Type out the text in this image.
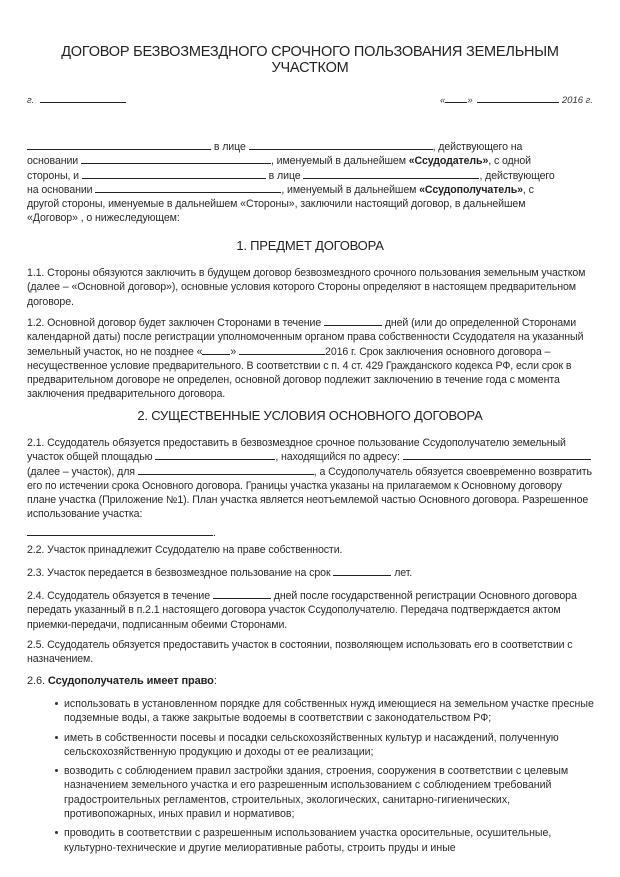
ДОГОВОР БЕЗВОЗМЕЗДНОГО СРОЧНОГО ПОЛЬЗОВАНИЯ ЗЕМЕЛЬНЫМ
УЧАСТКОМ
г.	« »	2016 г.
в лице	, действующего на
основании	, именуемый в дальнейшем «Ссудодатель», с одной
стороны, и	в лице	, действующего
на основании	, именуемый в дальнейшем «Ссудополучатель», с
другой стороны, именуемые в дальнейшем «Стороны», заключили настоящий договор, в дальнейшем
«Договор» , о нижеследующем:
1. ПРЕДМЕТ ДОГОВОРА
1.1. Стороны обязуются заключить в будущем договор безвозмездного срочного пользования земельным участком (далее – «Основной договор»), основные условия которого Стороны определяют в настоящем предварительном договоре.
1.2. Основной договор будет заключен Сторонами в течение	дней (или до определенной Сторонами календарной даты) после регистрации уполномоченным органом права собственности Ссудодателя на указанный земельный участок, но не позднее «	»	2016 г. Срок заключения основного договора – несущественное условие предварительного. В соответствии с п. 4 ст. 429 Гражданского кодекса РФ, если срок в предварительном договоре не определен, основной договор подлежит заключению в течение года с момента заключения предварительного договора.
2. СУЩЕСТВЕННЫЕ УСЛОВИЯ ОСНОВНОГО ДОГОВОРА
2.1. Ссудодатель обязуется предоставить в безвозмездное срочное пользование Ссудополучателю земельный участок общей площадью	, находящийся по адресу:  (далее – участок), для	, а Ссудополучатель обязуется своевременно возвратить его по истечении срока Основного договора. Границы участка указаны на прилагаемом к Основному договору плане участка (Приложение №1). План участка является неотъемлемой частью Основного договора. Разрешенное использование участка:
.
2.2. Участок принадлежит Ссудодателю на праве собственности.
2.3. Участок передается в безвозмездное пользование на срок	лет.
2.4. Ссудодатель обязуется в течение	дней после государственной регистрации Основного договора передать указанный в п.2.1 настоящего договора участок Ссудополучателю. Передача подтверждается актом приемки-передачи, подписанным обеими Сторонами.
2.5. Ссудодатель обязуется предоставить участок в состоянии, позволяющем использовать его в соответствии с назначением.
2.6. Ссудополучатель имеет право:
использовать в установленном порядке для собственных нужд имеющиеся на земельном участке пресные подземные воды, а также закрытые водоемы в соответствии с законодательством РФ;
иметь в собственности посевы и посадки сельскохозяйственных культур и насаждений, полученную сельскохозяйственную продукцию и доходы от ее реализации;
возводить с соблюдением правил застройки здания, строения, сооружения в соответствии с целевым назначением земельного участка и его разрешенным использованием с соблюдением требований градостроительных регламентов, строительных, экологических, санитарно-гигиенических, противопожарных, иных правил и нормативов;
проводить в соответствии с разрешенным использованием участка оросительные, осушительные, культурно-технические и другие мелиоративные работы, строить пруды и иные
